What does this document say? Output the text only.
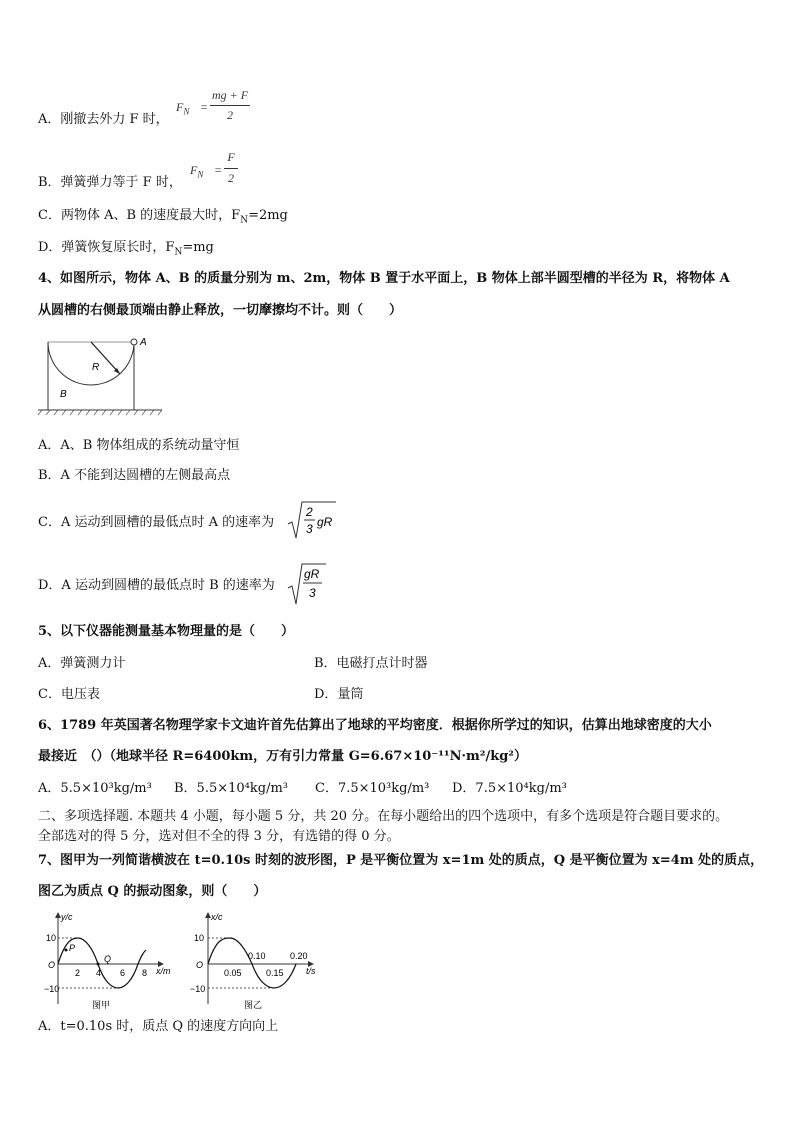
A．刚撤去外力 F 时，
$F_N$ =
mg + F
2
B．弹簧弹力等于 F 时，
$F_N$ =
F
2
C．两物体 A、B 的速度最大时，$F_N=2mg$
D．弹簧恢复原长时，$F_N=mg$
4、如图所示，物体 A、B 的质量分别为 m、2m，物体 B 置于水平面上，B 物体上部半圆型槽的半径为 R，将物体 A
从圆槽的右侧最顶端由静止释放，一切摩擦均不计。则（　　）
A
R
B
A．A、B 物体组成的系统动量守恒
B．A 不能到达圆槽的左侧最高点
C．A 运动到圆槽的最低点时 A 的速率为
2
3 gR
D．A 运动到圆槽的最低点时 B 的速率为
gR
3
5、以下仪器能测量基本物理量的是（　　）
A．弹簧测力计	B．电磁打点计时器
C．电压表	D．量筒
6、1789 年英国著名物理学家卡文迪许首先估算出了地球的平均密度．根据你所学过的知识，估算出地球密度的大小
最接近　（）（地球半径 R=6400km，万有引力常量 G=6.67×10⁻¹¹N·m²/kg²）
A．5.5×10³kg/m³ B．5.5×10⁴kg/m³ C．7.5×10³kg/m³ D．7.5×10⁴kg/m³
二、多项选择题. 本题共 4 小题，每小题 5 分，共 20 分。在每小题给出的四个选项中，有多个选项是符合题目要求的。
全部选对的得 5 分，选对但不全的得 3 分，有选错的得 0 分。
7、图甲为一列简谐横波在 t=0.10s 时刻的波形图，P 是平衡位置为 x=1m 处的质点，Q 是平衡位置为 x=4m 处的质点，
图乙为质点 Q 的振动图象，则（　　）
y/c
x/m
10
−10
O
2 4 6 8
P
Q
图甲
x/c
t/s
10
−10
O
0.10	0.20
0.05	0.15
图乙
A．t=0.10s 时，质点 Q 的速度方向向上
